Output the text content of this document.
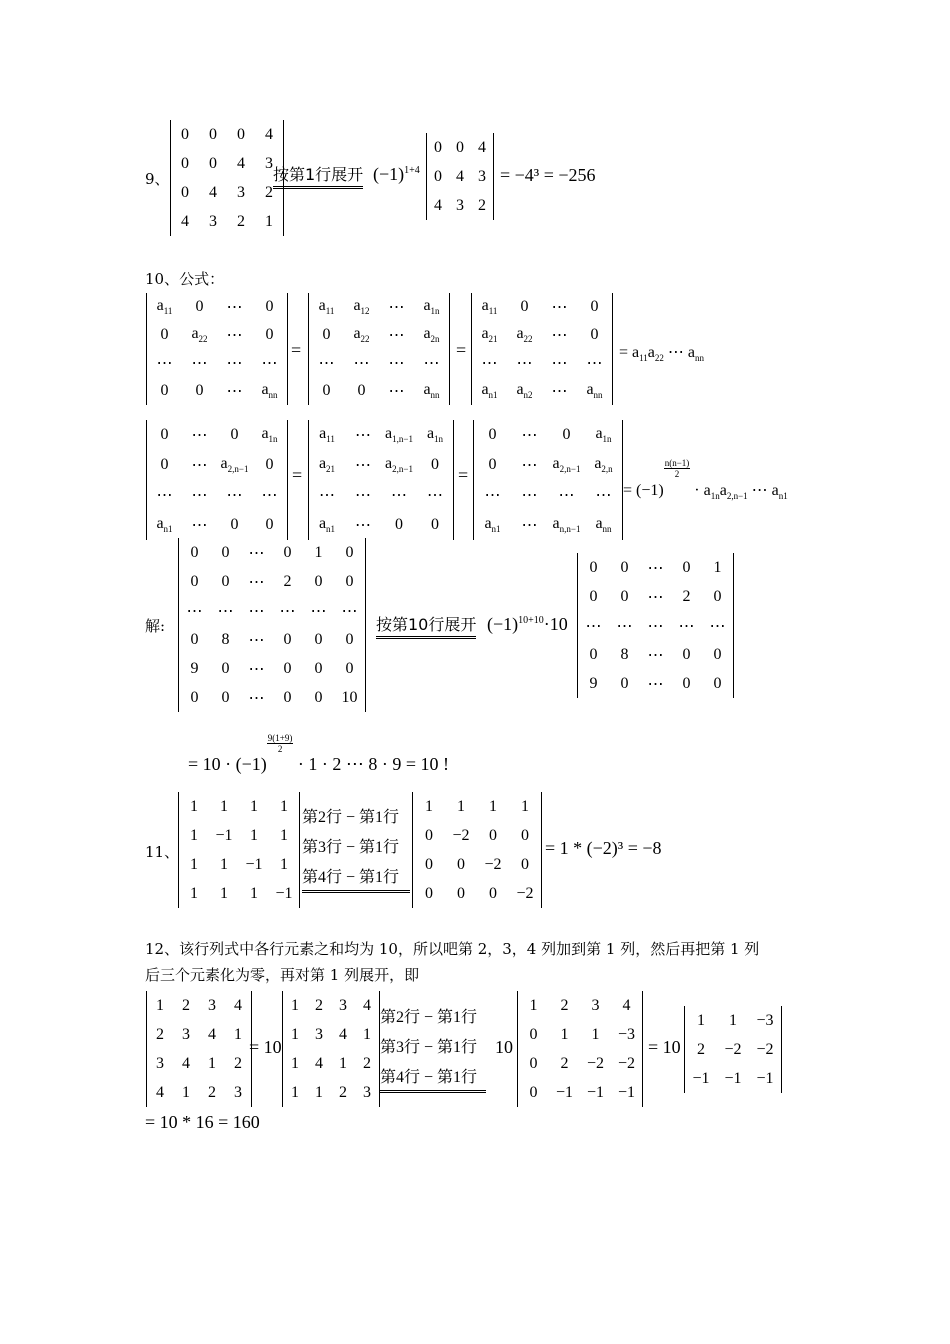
9、
0	0	0	4
0	0	4	3
0	4	3	2
4	3	2	1
按第1行展开 $(-1)^{1+4}$
0	0	4
0	4	3
4	3	2
= −4³ = −256
10、公式：
$a_{11}$	0	⋯	0
0	$a_{22}$	⋯	0
⋯	⋯	⋯	⋯
0	0	⋯	$a_{nn}$
=
$a_{11}$	$a_{12}$	⋯	$a_{1n}$
0	$a_{22}$	⋯	$a_{2n}$
⋯	⋯	⋯	⋯
0	0	⋯	$a_{nn}$
=
$a_{11}$	0	⋯	0
$a_{21}$	$a_{22}$	⋯	0
⋯	⋯	⋯	⋯
$a_{n1}$	$a_{n2}$	⋯	$a_{nn}$
= $a_{11}a_{22}$ ⋯ $a_{nn}$
0	⋯	0	$a_{1n}$
0	⋯	$a_{2,n-1}$	0
⋯	⋯	⋯	⋯
$a_{n1}$	⋯	0	0
=
$a_{11}$	⋯	$a_{1,n-1}$	$a_{1n}$
$a_{21}$	⋯	$a_{2,n-1}$	0
⋯	⋯	⋯	⋯
$a_{n1}$	⋯	0	0
=
0	⋯	0	$a_{1n}$
0	⋯	$a_{2,n-1}$	$a_{2,n}$
⋯	⋯	⋯	⋯
$a_{n1}$	⋯	$a_{n,n-1}$	$a_{nn}$
= (−1)
$\frac{n(n-1)}{2}$
· $a_{1n}a_{2,n-1}$ ⋯ $a_{n1}$
解:
0	0	⋯	0	1	0
0	0	⋯	2	0	0
⋯	⋯	⋯	⋯	⋯	⋯
0	8	⋯	0	0	0
9	0	⋯	0	0	0
0	0	⋯	0	0	10
按第10行展开 $(-1)^{10+10}\cdot 10$
0	0	⋯	0	1
0	0	⋯	2	0
⋯	⋯	⋯	⋯	⋯
0	8	⋯	0	0
9	0	⋯	0	0
= 10 · (−1)
$\frac{9(1+9)}{2}$
· 1 · 2 ⋯ 8 · 9 = 10 !
11、
1	1	1	1
1	−1	1	1
1	1	−1	1
1	1	1	−1
第2行 − 第1行
第3行 − 第1行
第4行 − 第1行
1	1	1	1
0	−2	0	0
0	0	−2	0
0	0	0	−2
= 1 * (−2)³ = −8
12、该行列式中各行元素之和均为 10，所以吧第 2，3，4 列加到第 1 列，然后再把第 1 列
后三个元素化为零，再对第 1 列展开，即
1	2	3	4
2	3	4	1
3	4	1	2
4	1	2	3
= 10
1	2	3	4
1	3	4	1
1	4	1	2
1	1	2	3
第2行 − 第1行
第3行 − 第1行
第4行 − 第1行
10
1	2	3	4
0	1	1	−3
0	2	−2	−2
0	−1	−1	−1
= 10
1	1	−3
2	−2	−2
−1	−1	−1
= 10 * 16 = 160
